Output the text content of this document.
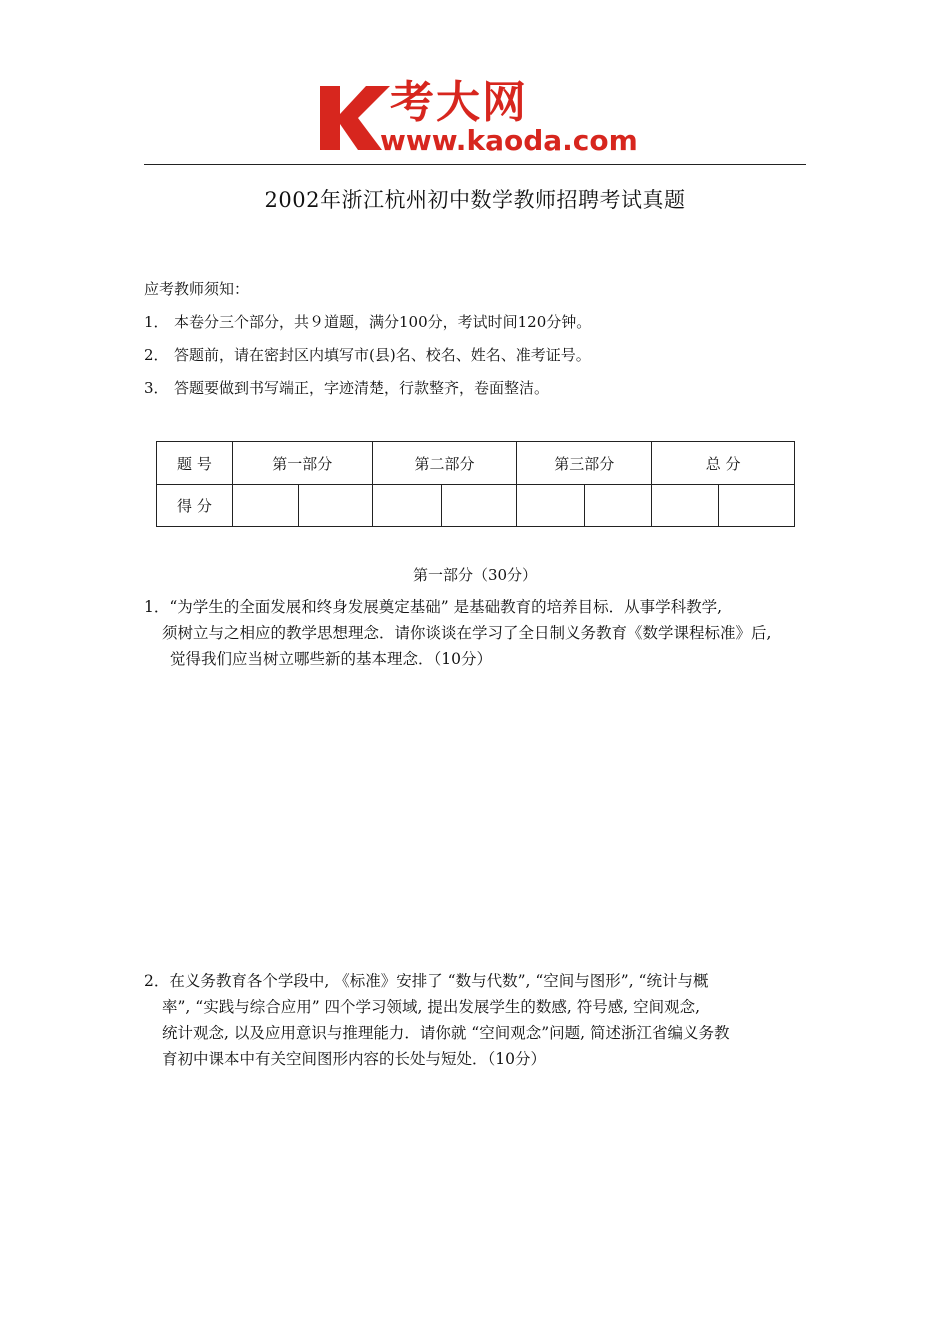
考大网
www.kaoda.com
2002年浙江杭州初中数学教师招聘考试真题
应考教师须知：
1． 本卷分三个部分，共９道题，满分100分，考试时间120分钟。
2． 答题前，请在密封区内填写市(县)名、校名、姓名、准考证号。
3． 答题要做到书写端正，字迹清楚，行款整齐，卷面整洁。
题 号	第一部分		第二部分		第三部分		总 分	
得 分								
第一部分（30分）
1．“为学生的全面发展和终身发展奠定基础” 是基础教育的培养目标．从事学科教学,
须树立与之相应的教学思想理念．请你谈谈在学习了全日制义务教育《数学课程标准》后,
觉得我们应当树立哪些新的基本理念．（10分）
2．在义务教育各个学段中, 《标准》安排了 “数与代数”, “空间与图形”, “统计与概
率”, “实践与综合应用” 四个学习领域, 提出发展学生的数感, 符号感, 空间观念,
统计观念, 以及应用意识与推理能力．请你就 “空间观念”问题, 简述浙江省编义务教
育初中课本中有关空间图形内容的长处与短处．（10分）
